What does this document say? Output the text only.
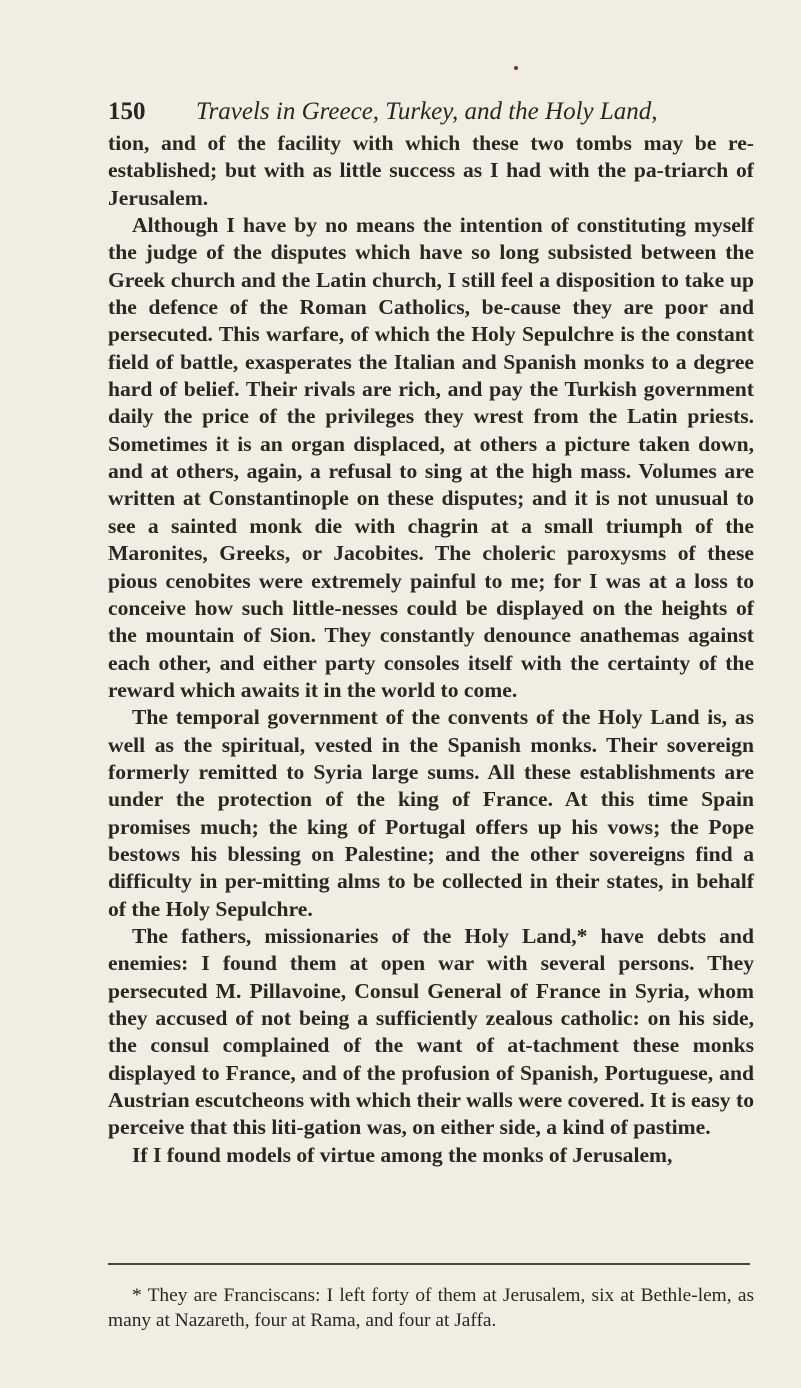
150 Travels in Greece, Turkey, and the Holy Land,

tion, and of the facility with which these two tombs may be re-established; but with as little success as I had with the pa-triarch of Jerusalem.

Although I have by no means the intention of constituting myself the judge of the disputes which have so long subsisted between the Greek church and the Latin church, I still feel a disposition to take up the defence of the Roman Catholics, be-cause they are poor and persecuted. This warfare, of which the Holy Sepulchre is the constant field of battle, exasperates the Italian and Spanish monks to a degree hard of belief. Their rivals are rich, and pay the Turkish government daily the price of the privileges they wrest from the Latin priests. Sometimes it is an organ displaced, at others a picture taken down, and at others, again, a refusal to sing at the high mass. Volumes are written at Constantinople on these disputes; and it is not unusual to see a sainted monk die with chagrin at a small triumph of the Maronites, Greeks, or Jacobites. The choleric paroxysms of these pious cenobites were extremely painful to me; for I was at a loss to conceive how such little-nesses could be displayed on the heights of the mountain of Sion. They constantly denounce anathemas against each other, and either party consoles itself with the certainty of the reward which awaits it in the world to come.

The temporal government of the convents of the Holy Land is, as well as the spiritual, vested in the Spanish monks. Their sovereign formerly remitted to Syria large sums. All these establishments are under the protection of the king of France. At this time Spain promises much; the king of Portugal offers up his vows; the Pope bestows his blessing on Palestine; and the other sovereigns find a difficulty in per-mitting alms to be collected in their states, in behalf of the Holy Sepulchre.

The fathers, missionaries of the Holy Land,* have debts and enemies: I found them at open war with several persons. They persecuted M. Pillavoine, Consul General of France in Syria, whom they accused of not being a sufficiently zealous catholic: on his side, the consul complained of the want of at-tachment these monks displayed to France, and of the profusion of Spanish, Portuguese, and Austrian escutcheons with which their walls were covered. It is easy to perceive that this liti-gation was, on either side, a kind of pastime.

If I found models of virtue among the monks of Jerusalem,

* They are Franciscans: I left forty of them at Jerusalem, six at Bethle-lem, as many at Nazareth, four at Rama, and four at Jaffa.
